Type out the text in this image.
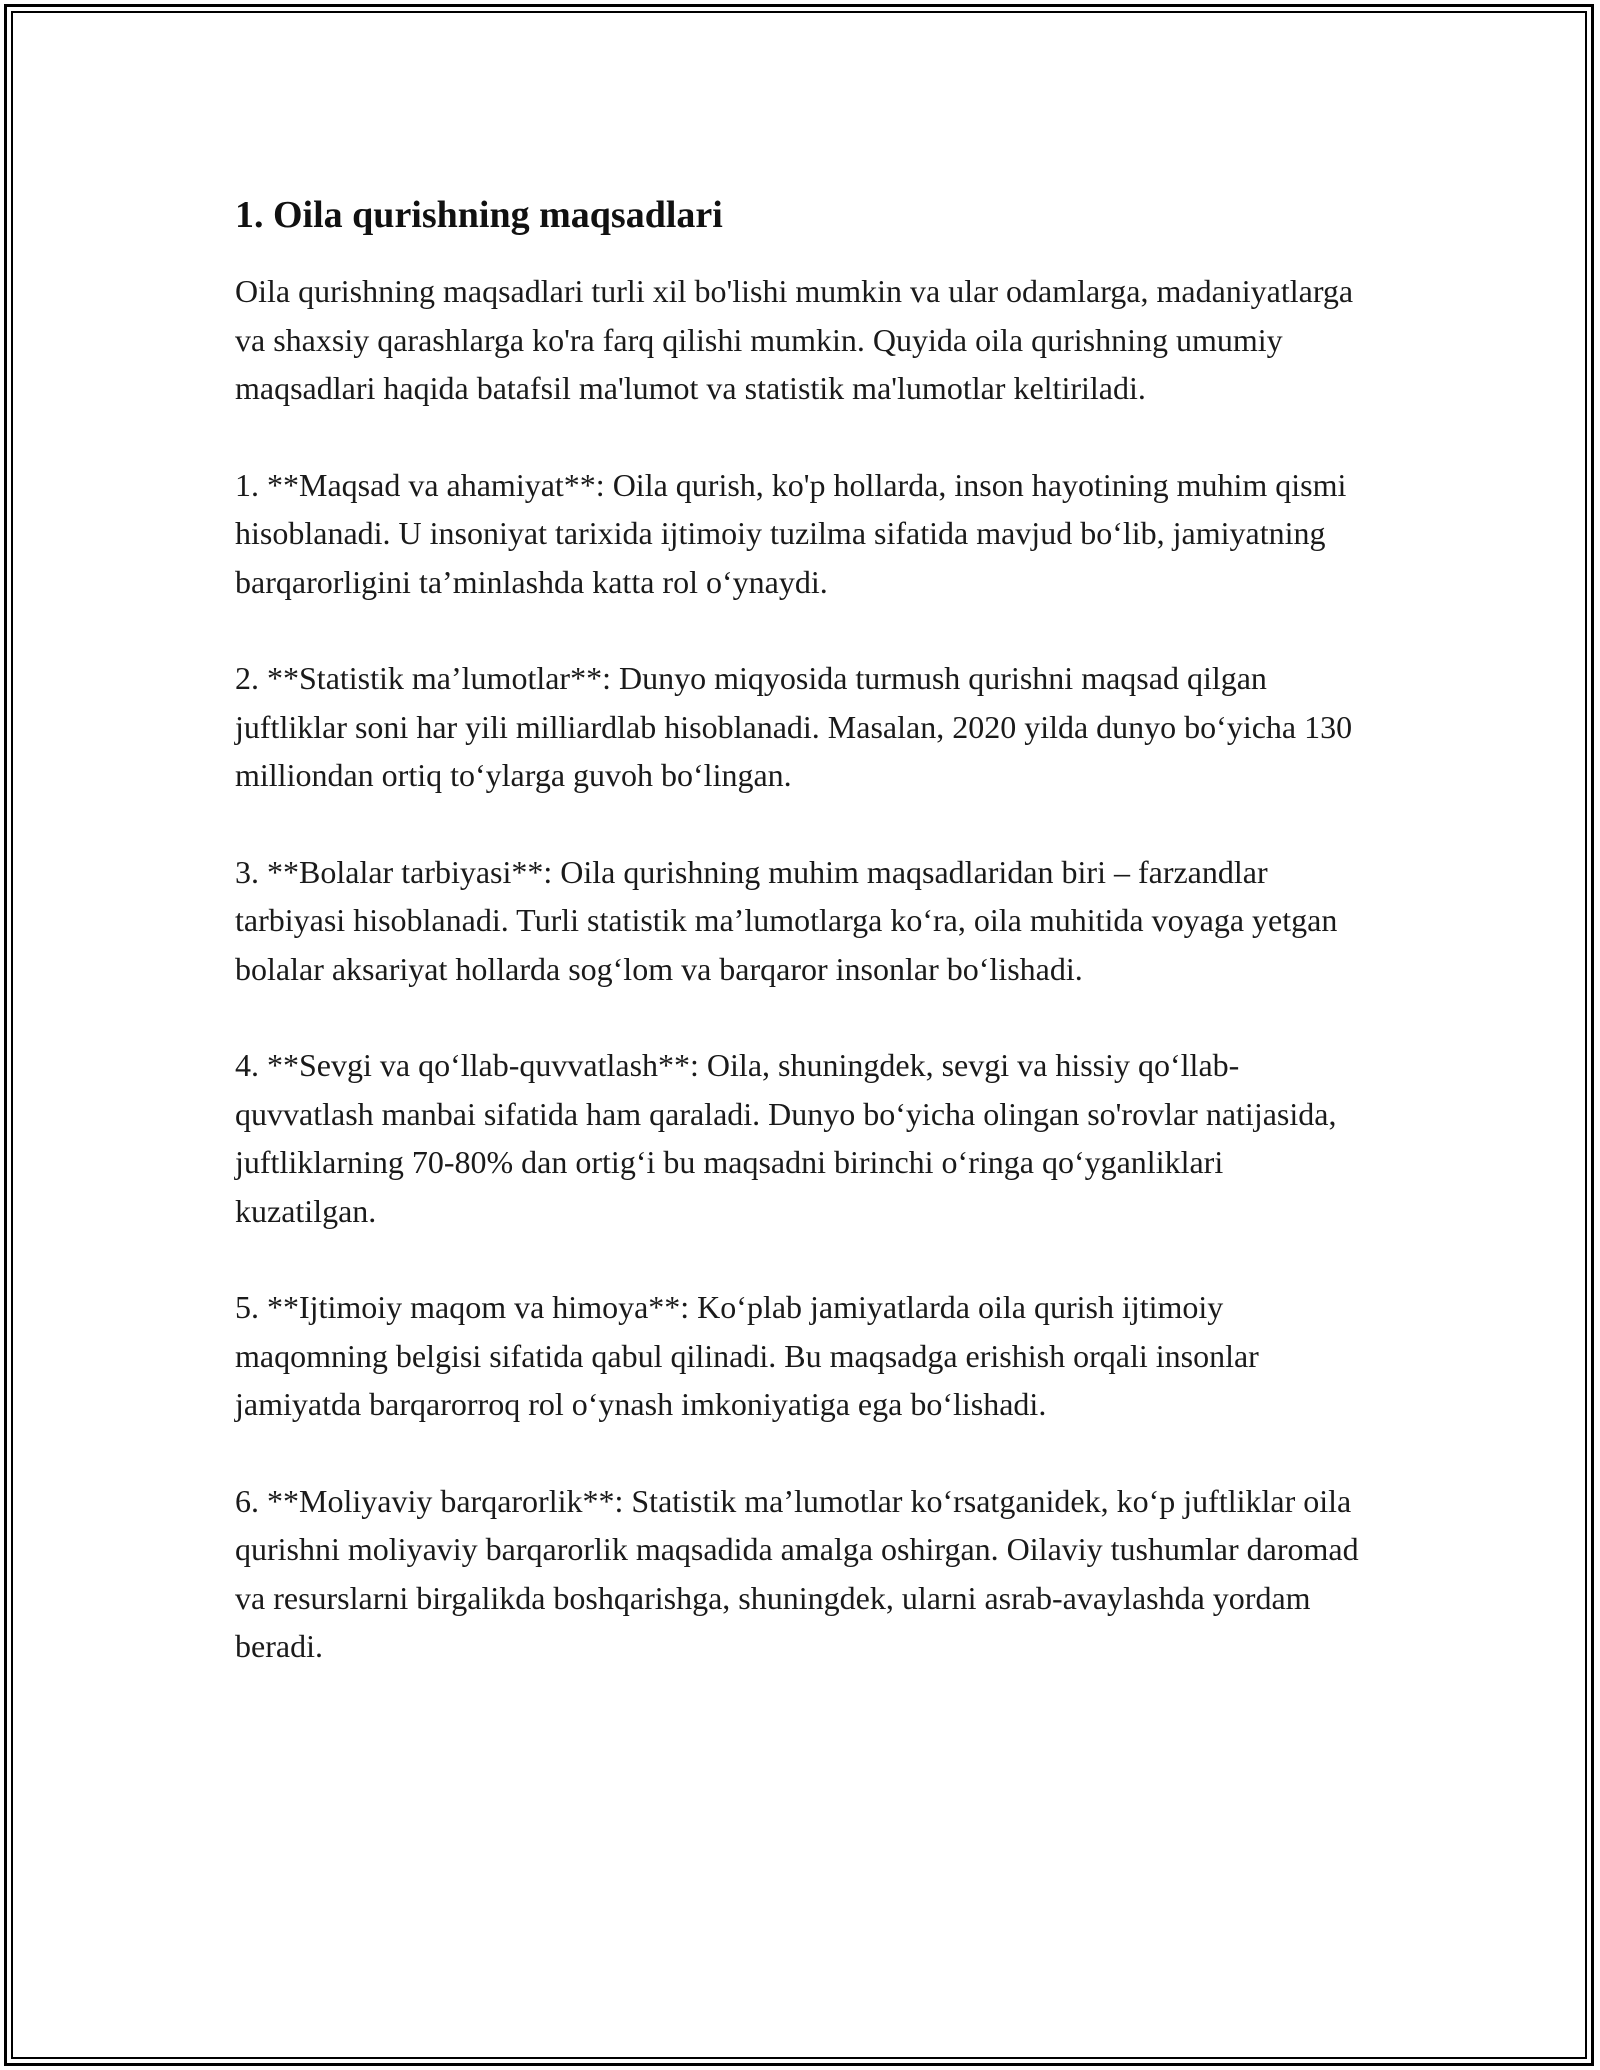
1. Oila qurishning maqsadlari

Oila qurishning maqsadlari turli xil bo'lishi mumkin va ular odamlarga, madaniyatlarga va shaxsiy qarashlarga ko'ra farq qilishi mumkin. Quyida oila qurishning umumiy maqsadlari haqida batafsil ma'lumot va statistik ma'lumotlar keltiriladi.

1. **Maqsad va ahamiyat**: Oila qurish, ko'p hollarda, inson hayotining muhim qismi hisoblanadi. U insoniyat tarixida ijtimoiy tuzilma sifatida mavjud bo‘lib, jamiyatning barqarorligini ta’minlashda katta rol o‘ynaydi.

2. **Statistik ma’lumotlar**: Dunyo miqyosida turmush qurishni maqsad qilgan juftliklar soni har yili milliardlab hisoblanadi. Masalan, 2020 yilda dunyo bo‘yicha 130 milliondan ortiq to‘ylarga guvoh bo‘lingan.

3. **Bolalar tarbiyasi**: Oila qurishning muhim maqsadlaridan biri – farzandlar tarbiyasi hisoblanadi. Turli statistik ma’lumotlarga ko‘ra, oila muhitida voyaga yetgan bolalar aksariyat hollarda sog‘lom va barqaror insonlar bo‘lishadi.

4. **Sevgi va qo‘llab-quvvatlash**: Oila, shuningdek, sevgi va hissiy qo‘llab-quvvatlash manbai sifatida ham qaraladi. Dunyo bo‘yicha olingan so'rovlar natijasida, juftliklarning 70-80% dan ortig‘i bu maqsadni birinchi o‘ringa qo‘yganliklari kuzatilgan.

5. **Ijtimoiy maqom va himoya**: Ko‘plab jamiyatlarda oila qurish ijtimoiy maqomning belgisi sifatida qabul qilinadi. Bu maqsadga erishish orqali insonlar jamiyatda barqarorroq rol o‘ynash imkoniyatiga ega bo‘lishadi.

6. **Moliyaviy barqarorlik**: Statistik ma’lumotlar ko‘rsatganidek, ko‘p juftliklar oila qurishni moliyaviy barqarorlik maqsadida amalga oshirgan. Oilaviy tushumlar daromad va resurslarni birgalikda boshqarishga, shuningdek, ularni asrab-avaylashda yordam beradi.
